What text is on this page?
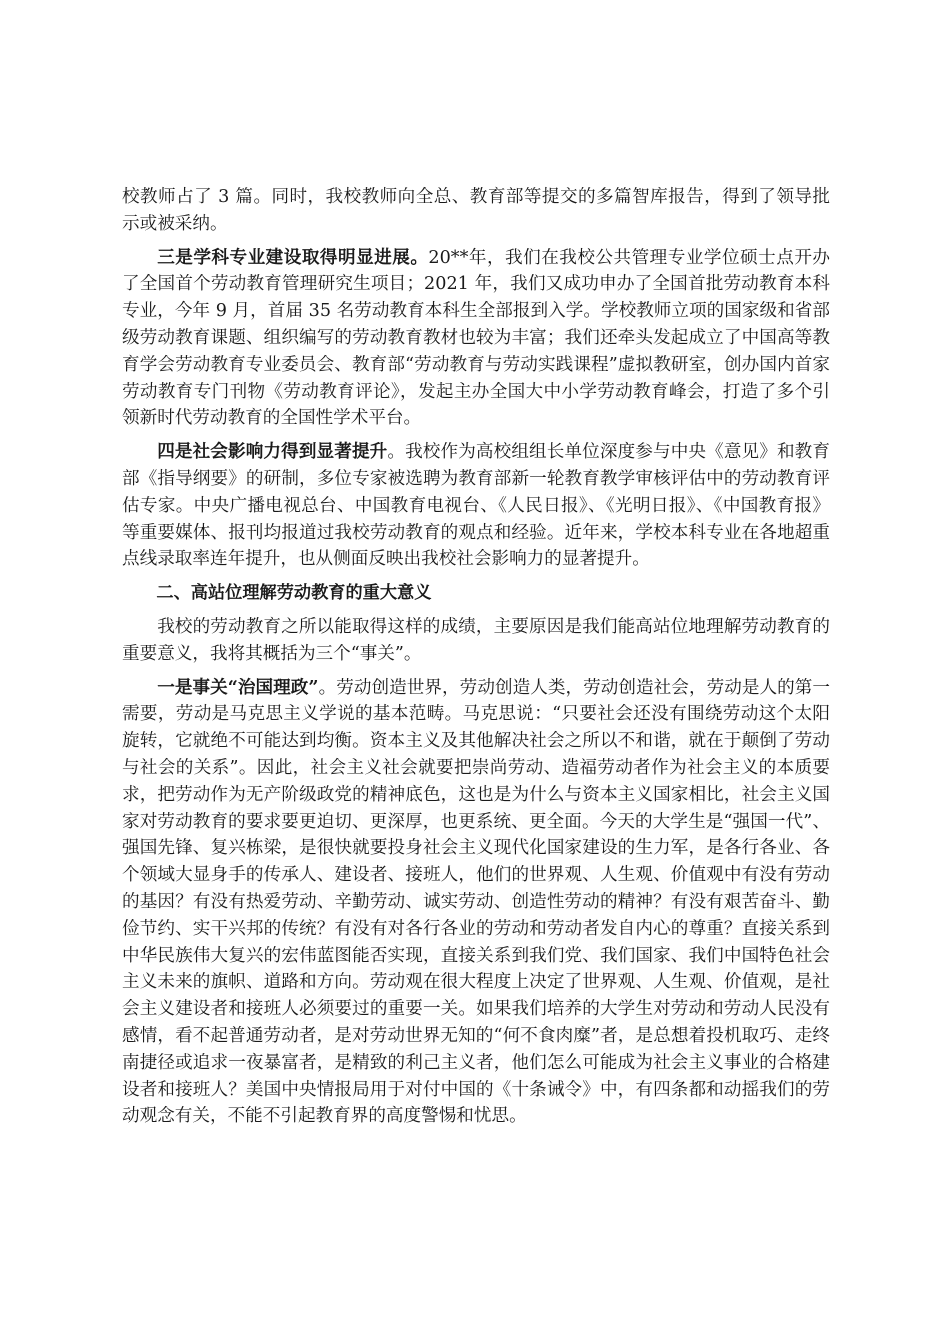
校教师占了 3 篇。同时，我校教师向全总、教育部等提交的多篇智库报告，得到了领导批示或被采纳。

三是学科专业建设取得明显进展。20**年，我们在我校公共管理专业学位硕士点开办了全国首个劳动教育管理研究生项目；2021 年，我们又成功申办了全国首批劳动教育本科专业，今年 9 月，首届 35 名劳动教育本科生全部报到入学。学校教师立项的国家级和省部级劳动教育课题、组织编写的劳动教育教材也较为丰富；我们还牵头发起成立了中国高等教育学会劳动教育专业委员会、教育部“劳动教育与劳动实践课程”虚拟教研室，创办国内首家劳动教育专门刊物《劳动教育评论》，发起主办全国大中小学劳动教育峰会，打造了多个引领新时代劳动教育的全国性学术平台。

四是社会影响力得到显著提升。我校作为高校组组长单位深度参与中央《意见》和教育部《指导纲要》的研制，多位专家被选聘为教育部新一轮教育教学审核评估中的劳动教育评估专家。中央广播电视总台、中国教育电视台、《人民日报》、《光明日报》、《中国教育报》等重要媒体、报刊均报道过我校劳动教育的观点和经验。近年来，学校本科专业在各地超重点线录取率连年提升，也从侧面反映出我校社会影响力的显著提升。

二、高站位理解劳动教育的重大意义

我校的劳动教育之所以能取得这样的成绩，主要原因是我们能高站位地理解劳动教育的重要意义，我将其概括为三个“事关”。

一是事关“治国理政”。劳动创造世界，劳动创造人类，劳动创造社会，劳动是人的第一需要，劳动是马克思主义学说的基本范畴。马克思说：“只要社会还没有围绕劳动这个太阳旋转，它就绝不可能达到均衡。资本主义及其他解决社会之所以不和谐，就在于颠倒了劳动与社会的关系”。因此，社会主义社会就要把崇尚劳动、造福劳动者作为社会主义的本质要求，把劳动作为无产阶级政党的精神底色，这也是为什么与资本主义国家相比，社会主义国家对劳动教育的要求要更迫切、更深厚，也更系统、更全面。今天的大学生是“强国一代”、强国先锋、复兴栋梁，是很快就要投身社会主义现代化国家建设的生力军，是各行各业、各个领域大显身手的传承人、建设者、接班人，他们的世界观、人生观、价值观中有没有劳动的基因？有没有热爱劳动、辛勤劳动、诚实劳动、创造性劳动的精神？有没有艰苦奋斗、勤俭节约、实干兴邦的传统？有没有对各行各业的劳动和劳动者发自内心的尊重？直接关系到中华民族伟大复兴的宏伟蓝图能否实现，直接关系到我们党、我们国家、我们中国特色社会主义未来的旗帜、道路和方向。劳动观在很大程度上决定了世界观、人生观、价值观，是社会主义建设者和接班人必须要过的重要一关。如果我们培养的大学生对劳动和劳动人民没有感情，看不起普通劳动者，是对劳动世界无知的“何不食肉糜”者，是总想着投机取巧、走终南捷径或追求一夜暴富者，是精致的利己主义者，他们怎么可能成为社会主义事业的合格建设者和接班人？美国中央情报局用于对付中国的《十条诫令》中，有四条都和动摇我们的劳动观念有关，不能不引起教育界的高度警惕和忧思。
